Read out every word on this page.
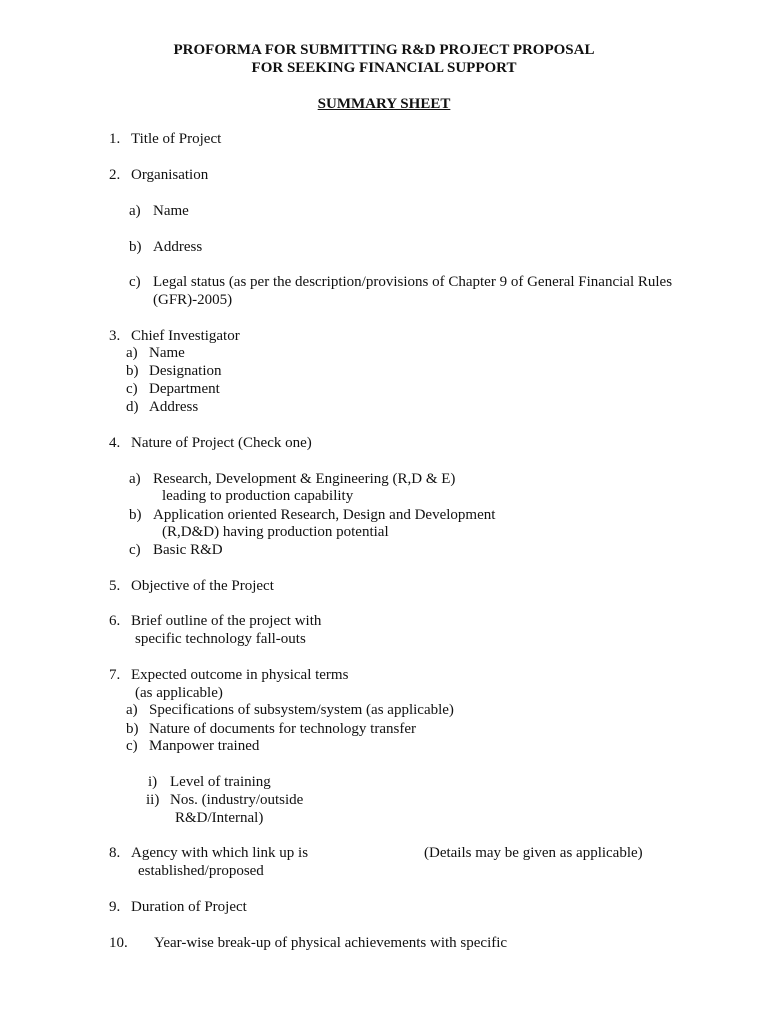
PROFORMA FOR SUBMITTING R&D PROJECT PROPOSAL
FOR SEEKING FINANCIAL SUPPORT
SUMMARY SHEET
1. Title of Project
2. Organisation
a) Name
b) Address
c) Legal status (as per the description/provisions of Chapter 9 of General Financial Rules
(GFR)-2005)
3. Chief Investigator
a) Name
b) Designation
c) Department
d) Address
4. Nature of Project (Check one)
a) Research, Development & Engineering (R,D & E)
leading to production capability
b) Application oriented Research, Design and Development
(R,D&D) having production potential
c) Basic R&D
5. Objective of the Project
6. Brief outline of the project with
specific technology fall-outs
7. Expected outcome in physical terms
(as applicable)
a) Specifications of subsystem/system (as applicable)
b) Nature of documents for technology transfer
c) Manpower trained
i) Level of training
ii) Nos. (industry/outside
R&D/Internal)
8. Agency with which link up is	(Details may be given as applicable)
established/proposed
9. Duration of Project
10. Year-wise break-up of physical achievements with specific
